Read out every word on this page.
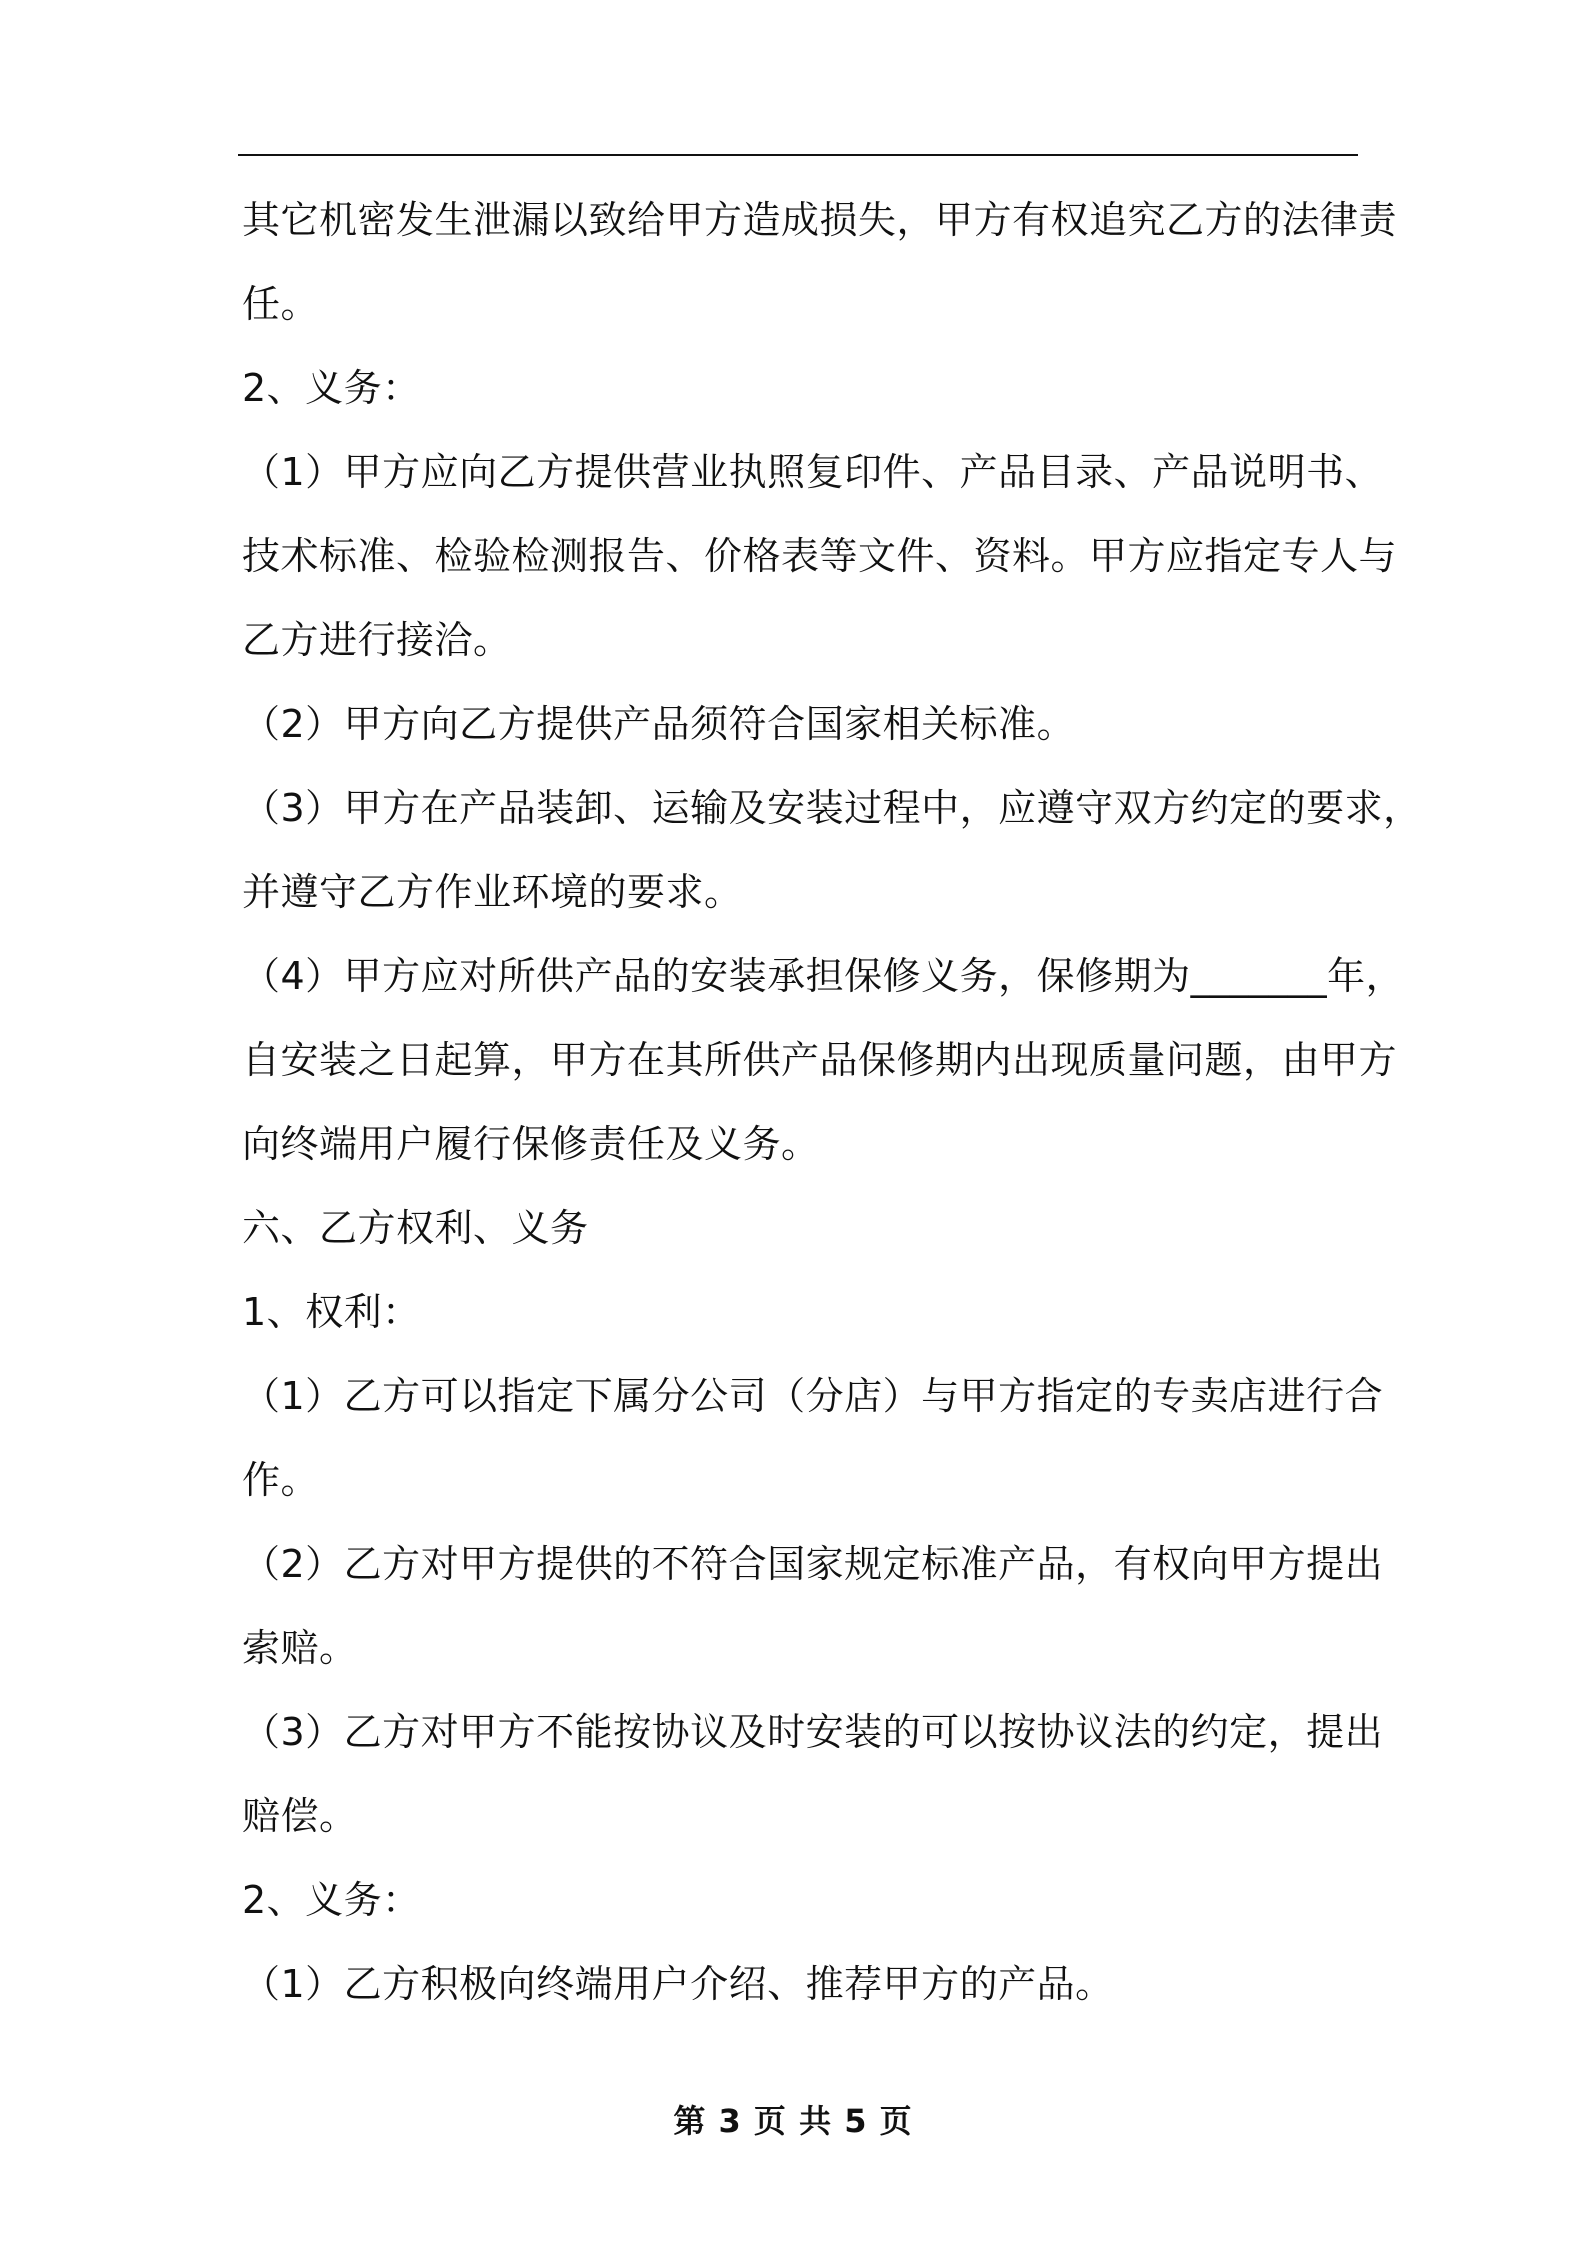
其它机密发生泄漏以致给甲方造成损失，甲方有权追究乙方的法律责
任。
2、义务：
（1）甲方应向乙方提供营业执照复印件、产品目录、产品说明书、
技术标准、检验检测报告、价格表等文件、资料。甲方应指定专人与
乙方进行接洽。
（2）甲方向乙方提供产品须符合国家相关标准。
（3）甲方在产品装卸、运输及安装过程中，应遵守双方约定的要求，
并遵守乙方作业环境的要求。
（4）甲方应对所供产品的安装承担保修义务，保修期为_______年，
自安装之日起算，甲方在其所供产品保修期内出现质量问题，由甲方
向终端用户履行保修责任及义务。
六、乙方权利、义务
1、权利：
（1）乙方可以指定下属分公司（分店）与甲方指定的专卖店进行合
作。
（2）乙方对甲方提供的不符合国家规定标准产品，有权向甲方提出
索赔。
（3）乙方对甲方不能按协议及时安装的可以按协议法的约定，提出
赔偿。
2、义务：
（1）乙方积极向终端用户介绍、推荐甲方的产品。
第 3 页 共 5 页
